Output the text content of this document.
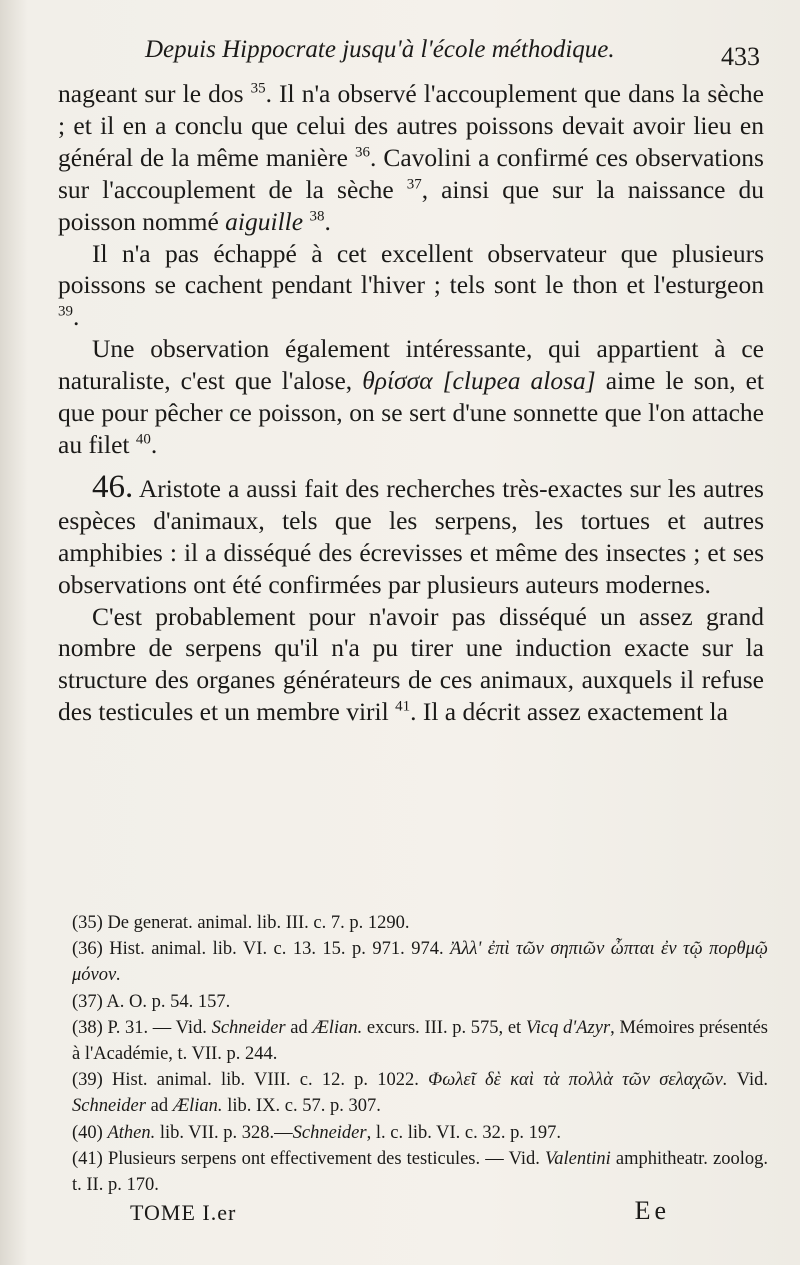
Depuis Hippocrate jusqu'à l'école méthodique.	433

nageant sur le dos $^{35}$. Il n'a observé l'accouplement que dans la sèche ; et il en a conclu que celui des autres poissons devait avoir lieu en général de la même manière $^{36}$. Cavolini a confirmé ces observations sur l'accouplement de la sèche $^{37}$, ainsi que sur la naissance du poisson nommé aiguille $^{38}$.

Il n'a pas échappé à cet excellent observateur que plusieurs poissons se cachent pendant l'hiver ; tels sont le thon et l'esturgeon $^{39}$.

Une observation également intéressante, qui appartient à ce naturaliste, c'est que l'alose, θρίσσα [clupea alosa] aime le son, et que pour pêcher ce poisson, on se sert d'une sonnette que l'on attache au filet $^{40}$.

46. Aristote a aussi fait des recherches très-exactes sur les autres espèces d'animaux, tels que les serpens, les tortues et autres amphibies : il a disséqué des écrevisses et même des insectes ; et ses observations ont été confirmées par plusieurs auteurs modernes.

C'est probablement pour n'avoir pas disséqué un assez grand nombre de serpens qu'il n'a pu tirer une induction exacte sur la structure des organes générateurs de ces animaux, auxquels il refuse des testicules et un membre viril $^{41}$. Il a décrit assez exactement la

(35) De generat. animal. lib. III. c. 7. p. 1290.

(36) Hist. animal. lib. VI. c. 13. 15. p. 971. 974. Ἀλλ' ἐπὶ τῶν σηπιῶν ὦπται ἐν τῷ πορθμῷ μόνον.

(37) A. O. p. 54. 157.

(38) P. 31. — Vid. Schneider ad Ælian. excurs. III. p. 575, et Vicq d'Azyr, Mémoires présentés à l'Académie, t. VII. p. 244.

(39) Hist. animal. lib. VIII. c. 12. p. 1022. Φωλεῖ δὲ καὶ τὰ πολλὰ τῶν σελαχῶν. Vid. Schneider ad Ælian. lib. IX. c. 57. p. 307.

(40) Athen. lib. VII. p. 328.—Schneider, l. c. lib. VI. c. 32. p. 197.

(41) Plusieurs serpens ont effectivement des testicules. — Vid. Valentini amphitheatr. zoolog. t. II. p. 170.

TOME I.er	Ee
